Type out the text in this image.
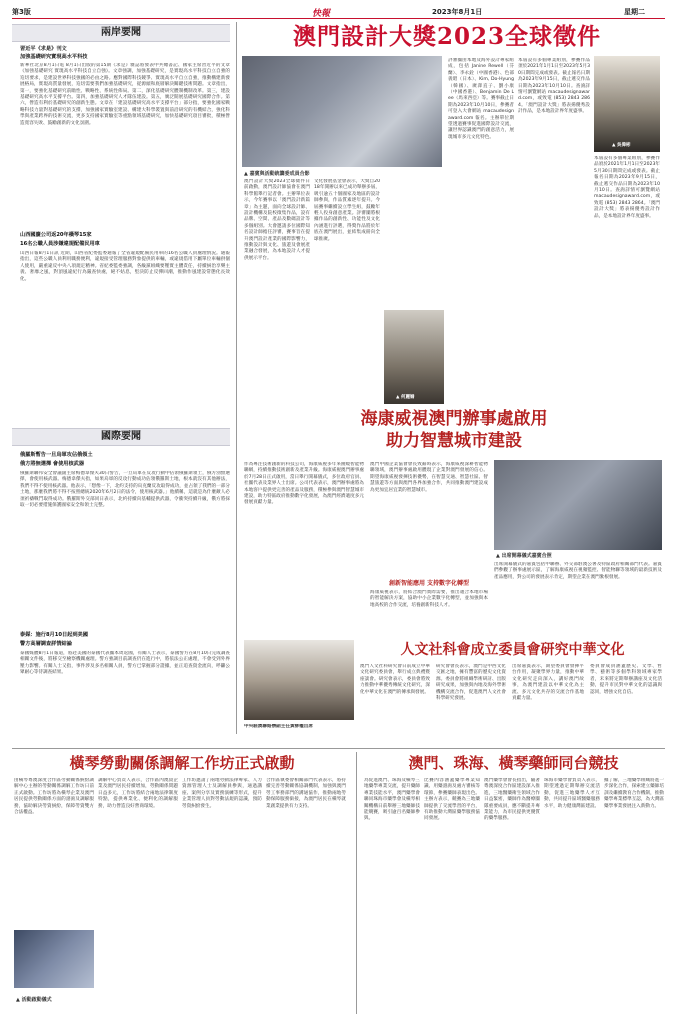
第3版	快報	2023年8月1日	星期二
兩岸要聞
習近平《求是》刊文
加強基礎研究實現高水平科技
新華社北京8月1日電 8月1日出版的第15期《求是》雜誌將發表中共總書記、國家主席習近平的文章《加強基礎研究 實現高水平科技自立自強》。文章強調，加強基礎研究，是實現高水平科技自立自強的迫切要求，是建設世界科技強國的必由之路。應對國際科技競爭、實現高水平自立自強，推動構建新發展格局，實現高質量發展，迫切需要我們加強基礎研究，從源頭和底層解決關鍵技術問題。文章指出，第一，要強化基礎研究前瞻性、戰略性、系統性佈局。第二，深化基礎研究體制機制改革。第三，建設基礎研究高水平支撐平台。第四，加強基礎研究人才隊伍建設。第五，廣泛開展基礎研究國際合作。第六，營造有利於基礎研究的創新生態。文章在「建設基礎研究高水平支撐平台」部分指，要強化國家戰略科技力量對基礎研究的支撐，加強國家實驗室建設、構建大科學裝置與前沿研究的有機結合，強化科學與產業跨界的技術交流，更多支持國家實驗室等重點領域基礎研究，加快基礎研究項目審批，積極營造寬容失敗、鼓勵創新的文化氛圍。
山西國慶公司返20年橫琴15家
16名公職人員涉嫌違規配備民用車
山西日報8月1日訊 近期，山西省紀委監委通報了全省違規配備民用車的16名公職人員處理情況。通報指出，這些公職人員利用職務便利，違規接受管理服務對象提供的車輛，或違規借用下屬單位車輛供個人使用，嚴重違反中央八項規定精神。省紀委監委強調，各級黨組織要壓實主體責任，持續糾治享樂主義、奢靡之風，對頂風違紀行為嚴查快處，絕不姑息，堅決防止反彈回潮，推動作風建設常態化長效化。
國際要聞
俄羅斯暫告一旦烏軍攻佔俄領土
俄方將無選擇 會使用核武器
俄羅斯聯邦安全會議副主席梅德韋傑夫30日警告，一旦烏軍在反攻行動中佔領俄羅斯領土，俄方別無選擇，會使用核武器。梅德韋傑夫指，如果烏軍的反攻行動成功佔領俄羅斯土地，根本就沒有其他辦法，我們不得不使用核武器。他表示，「想像一下，北約支持的烏克蘭反攻取得成功，並占領了我們的一部分土地，那麼我們將不得不按照總統2020年6月2日的法令，使用核武器。」他續稱，這就是為什麼敵人必須祈禱戰鬥取得成功。俄羅斯外交部同日表示，北約持續向基輔提供武器，令衝突持續升級，俄方將採取一切必要措施保護國家安全和領土完整。
泰媒：施行8月10日起到美國
警方高層調查詳情結論
泰國媒體8月1日報道，將赴美國的泰國代表團本周返國，有關人士表示，泰國警方在8月10日完成調查相關文件後，將移交至檢察機關處理。警方強調目前調查仍在進行中，將依法公正處理，不會受到外界壓力影響。有關人士又指，事件涉及多名相關人員，警方已掌握部分證據，並正追查資金流向，呼籲公眾耐心等待調查結果。
澳門設計大獎2023全球徵件
▲ 嘉賓與活動統籌委成員合影
澳門設計大獎2023全球徵件日前啟動，澳門設計師協會在澳門科學館舉行記者會。主辦單位表示，今年賽事以「澳門設計新篇章」為主題，面向全球設計師、設計機構及院校徵集作品，設有品牌、空間、產品及數碼設計等多個組別。大會邀請多位國際知名設計師擔任評審，賽事旨在提升澳門設計產業的國際影響力，推動設計與文化、旅遊及會展產業融合發展，為本地設計人才提供展示平台。
文化發展基金會表示，大獎自2018年開辦以來已成功舉辦多屆，吸引逾五十個國家及地區的設計師參與，作品質素逐年提升。今屆賽事繼續設立學生組，鼓勵年輕人投身創意產業。評審團將根據作品的創新性、功能性及文化內涵進行評選，得獎作品將於年底在澳門展出，並結集成冊向全球推廣。
評審團由本地及海外設計專家組成，包括 Janine Rewell（芬蘭）、李永銓（中國香港）、色部義昭（日本）、Kim, Do-Hyung（韓國）、廣澤直子、劉小康（中國香港）、Benjamin De Lee（馬來西亞）等。賽事截止日期為2023年10月10日，參賽者可登入大會網站 macaudesignaward.com 報名。主辦單位期望透過賽事促進國際設計交流，讓世界認識澳門的創意活力，展現城市多元文化特色。
▲ 何麗姍
本屆設有多個專業組別，參賽作品須於2021年1月1日至2023年5月30日期間完成或發表。截止報名日期為2023年9月15日，截止遞交作品日期為2023年10月10日。查詢詳情可瀏覽網站 macaudesignaward.com，或致電 (853) 2843 2864。「澳門設計大獎」將表揚優秀設計作品，是本地設計界年度盛事。
▲ 吳偉彬
本屆設有多個專業組別，參賽作品須於2021年1月1日至2023年5月30日期間完成或發表。截止報名日期為2023年9月15日，截止遞交作品日期為2023年10月10日。查詢詳情可瀏覽網站 macaudesignaward.com，或致電 (853) 2843 2864。「澳門設計大獎」將表揚優秀設計作品，是本地設計界年度盛事。
海康威視澳門辦事處啟用
助力智慧城市建設
作為專注技術創新的科技公司，海康威視多年來圍繞智能物聯網，持續推動技術創新及產業升級。海康威視澳門辦事處於7月28日正式啟用，當日舉行開幕儀式，多位政府官員、社團代表及業界人士出席。公司代表表示，澳門辦事處將為本地客戶提供更完善的產品及服務，積極參與澳門智慧城市建設，助力特區政府推動數字化發展，為澳門經濟適度多元發展貢獻力量。
澳門中國企業協會會長致辭時表示，海康威視深耕智能物聯領域，澳門辦事處啟用體現了企業對澳門發展的信心。期望海康威視發揮技術優勢，在智慧交通、智慧社區、智慧旅遊等方面與澳門各界加強合作，共同推動澳門建設成為更加宜居宜業的智慧城市。
創新智能應用 支持數字化轉型
海康威視表示，將結合澳門實際需要，推出適合本地市場的智能解決方案，協助中小企業數字化轉型，並加強與本地高校的合作交流，培養創新科技人才。
▲ 出席開幕儀式嘉賓合照
出席開幕儀式的嘉賓包括中聯辦、外交部駐澳公署及特區政府相關部門代表。嘉賓們參觀了辦事處展示區，了解海康威視在視頻監控、智能物聯等領域的最新技術及產品應用，對公司的發展表示肯定，期望企業在澳門紮根發展。
人文社科會成立委員會研究中華文化
中央駐澳聯絡辦副主任黃柳權出席
澳門人文社科研究會日前成立中華文化研究委員會，舉行成立典禮暨座談會。研究會表示，委員會將致力推動中華優秀傳統文化研究，深化中華文化在澳門的傳承與發展。
研究會會長表示，澳門是中西文化交匯之地，擁有豐富的歷史文化資源。委員會將組織學術研討、出版研究成果，加強與內地及海外學術機構交流合作，促進澳門人文社會科學研究發展。
出席嘉賓表示，期望委員會發揮平台作用，凝聚學界力量，推動中華文化研究走向深入，講好澳門故事，為澳門建設以中華文化為主流、多元文化共存的交流合作基地貢獻力量。
委員會成員涵蓋歷史、文學、哲學、藝術等多個學科領域專家學者，未來將定期舉辦講座及文化活動，提升市民對中華文化的認識與認同，增強文化自信。
橫琴勞動關係調解工作坊正式啟動
由橫琴粵澳深度合作區勞動關係糾紛調解中心主辦的勞動關係調解工作坊日前正式啟動。工作坊將為橫琴企業及澳門居民提供勞動關係方面的諮詢及調解服務，協助解決勞資糾紛，保障勞資雙方合法權益。
調解中心負責人表示，合作區內澳資企業及澳門居民持續增加，勞動關係問題日益多元，工作坊將結合兩地法律制度特點，提供專業化、便利化的調解服務，助力營造良好營商環境。
工作坊邀請了兩地勞動法律專家、人力資源管理人士及調解員參與，通過講座、案例分享及實務演練等形式，提升企業管理人員對勞動法規的認識，預防勞資糾紛發生。
合作區執委會相關部門代表表示，將持續完善勞動關係協調機制，加強與澳門勞工事務部門的溝通協作，推動兩地勞動保障服務銜接，為澳門居民在橫琴就業創業提供有力支持。
▲ 活動啟動儀式
澳門、珠海、橫琴藥師同台競技
為促進澳門、珠海及橫琴三地藥學專業交流，提升藥師專業技能水平，澳門藥學會聯同珠海市藥學會及橫琴相關機構日前舉辦三地藥師技能競賽，吸引逾百名藥師參與。
比賽內容涵蓋藥學專業知識、用藥諮詢及處方審核等環節，參賽藥師表現出色。主辦方表示，競賽為三地藥師提供了交流學習的平台，有助推動大灣區藥學服務協同發展。
澳門藥學會會長指出，隨著粵澳深度合作區建設深入推進，三地醫藥衛生領域合作日益緊密，藥師作為醫療團隊重要成員，應不斷提升專業能力，為市民提供更優質的藥學服務。
珠海市藥學會負責人表示，期望透過定期舉辦交流活動，促進三地藥學人才互動，共同提升區域醫藥服務水平，助力健康灣區建設。
據了解，三地藥學組織將進一步深化合作，探索建立藥師培訓及繼續教育合作機制，推動藥學專業標準互認，為大灣區藥學事業發展注入新動力。
